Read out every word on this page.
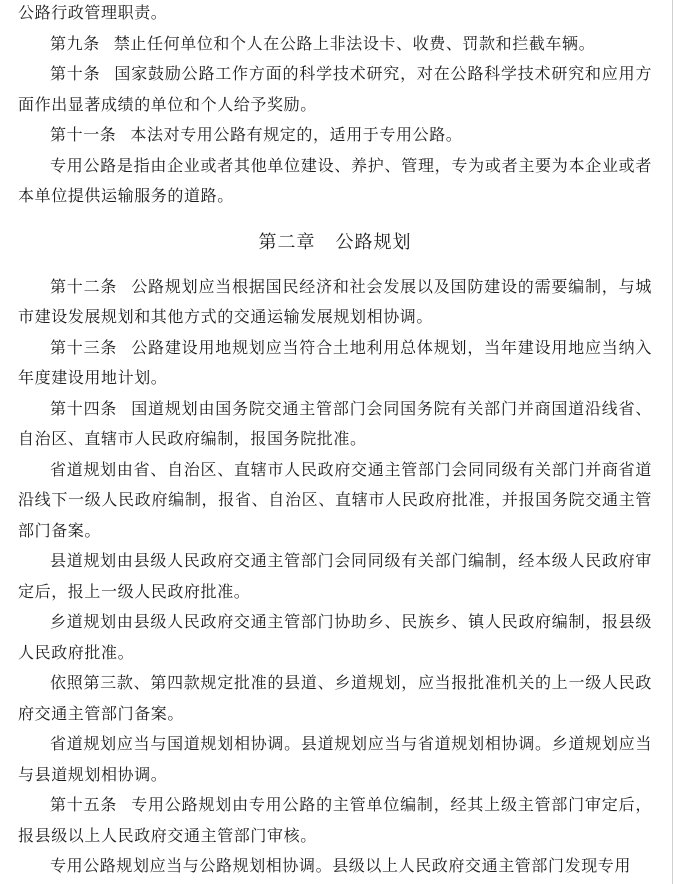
公路行政管理职责。

第九条 禁止任何单位和个人在公路上非法设卡、收费、罚款和拦截车辆。

第十条 国家鼓励公路工作方面的科学技术研究，对在公路科学技术研究和应用方面作出显著成绩的单位和个人给予奖励。

第十一条 本法对专用公路有规定的，适用于专用公路。

专用公路是指由企业或者其他单位建设、养护、管理，专为或者主要为本企业或者本单位提供运输服务的道路。

第二章 公路规划

第十二条 公路规划应当根据国民经济和社会发展以及国防建设的需要编制，与城市建设发展规划和其他方式的交通运输发展规划相协调。

第十三条 公路建设用地规划应当符合土地利用总体规划，当年建设用地应当纳入年度建设用地计划。

第十四条 国道规划由国务院交通主管部门会同国务院有关部门并商国道沿线省、自治区、直辖市人民政府编制，报国务院批准。

省道规划由省、自治区、直辖市人民政府交通主管部门会同同级有关部门并商省道沿线下一级人民政府编制，报省、自治区、直辖市人民政府批准，并报国务院交通主管部门备案。

县道规划由县级人民政府交通主管部门会同同级有关部门编制，经本级人民政府审定后，报上一级人民政府批准。

乡道规划由县级人民政府交通主管部门协助乡、民族乡、镇人民政府编制，报县级人民政府批准。

依照第三款、第四款规定批准的县道、乡道规划，应当报批准机关的上一级人民政府交通主管部门备案。

省道规划应当与国道规划相协调。县道规划应当与省道规划相协调。乡道规划应当与县道规划相协调。

第十五条 专用公路规划由专用公路的主管单位编制，经其上级主管部门审定后，报县级以上人民政府交通主管部门审核。

专用公路规划应当与公路规划相协调。县级以上人民政府交通主管部门发现专用
